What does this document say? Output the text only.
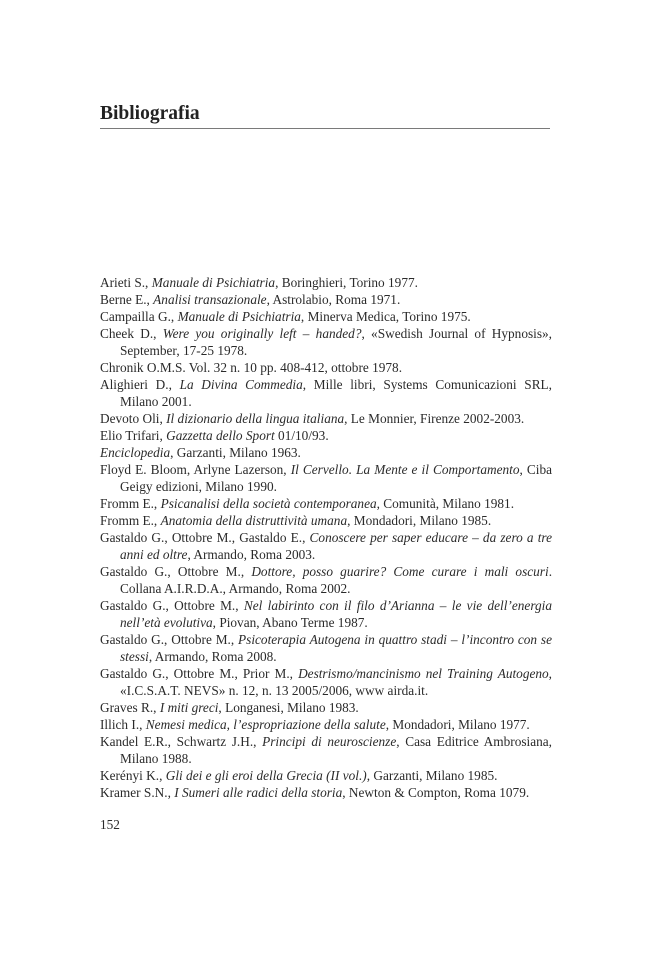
Bibliografia
Arieti S., Manuale di Psichiatria, Boringhieri, Torino 1977.
Berne E., Analisi transazionale, Astrolabio, Roma 1971.
Campailla G., Manuale di Psichiatria, Minerva Medica, Torino 1975.
Cheek D., Were you originally left – handed?, «Swedish Journal of Hypnosis», September, 17-25 1978.
Chronik O.M.S. Vol. 32 n. 10 pp. 408-412, ottobre 1978.
Alighieri D., La Divina Commedia, Mille libri, Systems Comunicazioni SRL, Milano 2001.
Devoto Oli, Il dizionario della lingua italiana, Le Monnier, Firenze 2002-2003.
Elio Trifari, Gazzetta dello Sport 01/10/93.
Enciclopedia, Garzanti, Milano 1963.
Floyd E. Bloom, Arlyne Lazerson, Il Cervello. La Mente e il Comportamento, Ciba Geigy edizioni, Milano 1990.
Fromm E., Psicanalisi della società contemporanea, Comunità, Milano 1981.
Fromm E., Anatomia della distruttività umana, Mondadori, Milano 1985.
Gastaldo G., Ottobre M., Gastaldo E., Conoscere per saper educare – da zero a tre anni ed oltre, Armando, Roma 2003.
Gastaldo G., Ottobre M., Dottore, posso guarire? Come curare i mali oscuri. Collana A.I.R.D.A., Armando, Roma 2002.
Gastaldo G., Ottobre M., Nel labirinto con il filo d’Arianna – le vie dell’energia nell’età evolutiva, Piovan, Abano Terme 1987.
Gastaldo G., Ottobre M., Psicoterapia Autogena in quattro stadi – l’incontro con se stessi, Armando, Roma 2008.
Gastaldo G., Ottobre M., Prior M., Destrismo/mancinismo nel Training Autogeno, «I.C.S.A.T. NEVS» n. 12, n. 13 2005/2006, www airda.it.
Graves R., I miti greci, Longanesi, Milano 1983.
Illich I., Nemesi medica, l’espropriazione della salute, Mondadori, Milano 1977.
Kandel E.R., Schwartz J.H., Principi di neuroscienze, Casa Editrice Ambrosiana, Milano 1988.
Kerényi K., Gli dei e gli eroi della Grecia (II vol.), Garzanti, Milano 1985.
Kramer S.N., I Sumeri alle radici della storia, Newton & Compton, Roma 1079.
152
